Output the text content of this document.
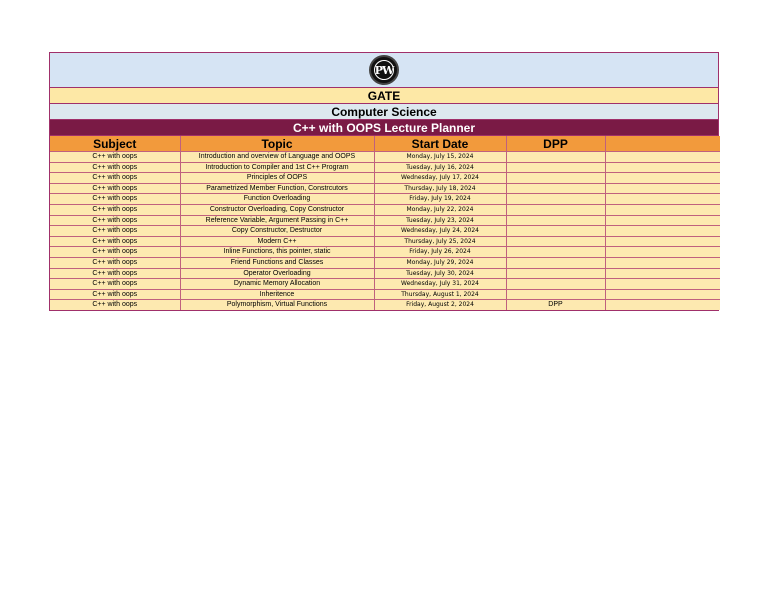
PW
GATE
Computer Science
C++ with OOPS Lecture Planner
Subject	Topic	Start Date	DPP	
C++ with oops	Introduction and overview of Language and OOPS	Monday, July 15, 2024		
C++ with oops	Introduction to Compiler and 1st C++ Program	Tuesday, July 16, 2024		
C++ with oops	Principles of OOPS	Wednesday, July 17, 2024		
C++ with oops	Parametrized Member Function, Constrcutors	Thursday, July 18, 2024		
C++ with oops	Function Overloading	Friday, July 19, 2024		
C++ with oops	Constructor Overloading, Copy Constructor	Monday, July 22, 2024		
C++ with oops	Reference Variable, Argument Passing in C++	Tuesday, July 23, 2024		
C++ with oops	Copy Constructor, Destructor	Wednesday, July 24, 2024		
C++ with oops	Modern C++	Thursday, July 25, 2024		
C++ with oops	Inline Functions, this pointer, static	Friday, July 26, 2024		
C++ with oops	Friend Functions and Classes	Monday, July 29, 2024		
C++ with oops	Operator Overloading	Tuesday, July 30, 2024		
C++ with oops	Dynamic Memory Allocation	Wednesday, July 31, 2024		
C++ with oops	Inheritence	Thursday, August 1, 2024		
C++ with oops	Polymorphism, Virtual Functions	Friday, August 2, 2024	DPP	
